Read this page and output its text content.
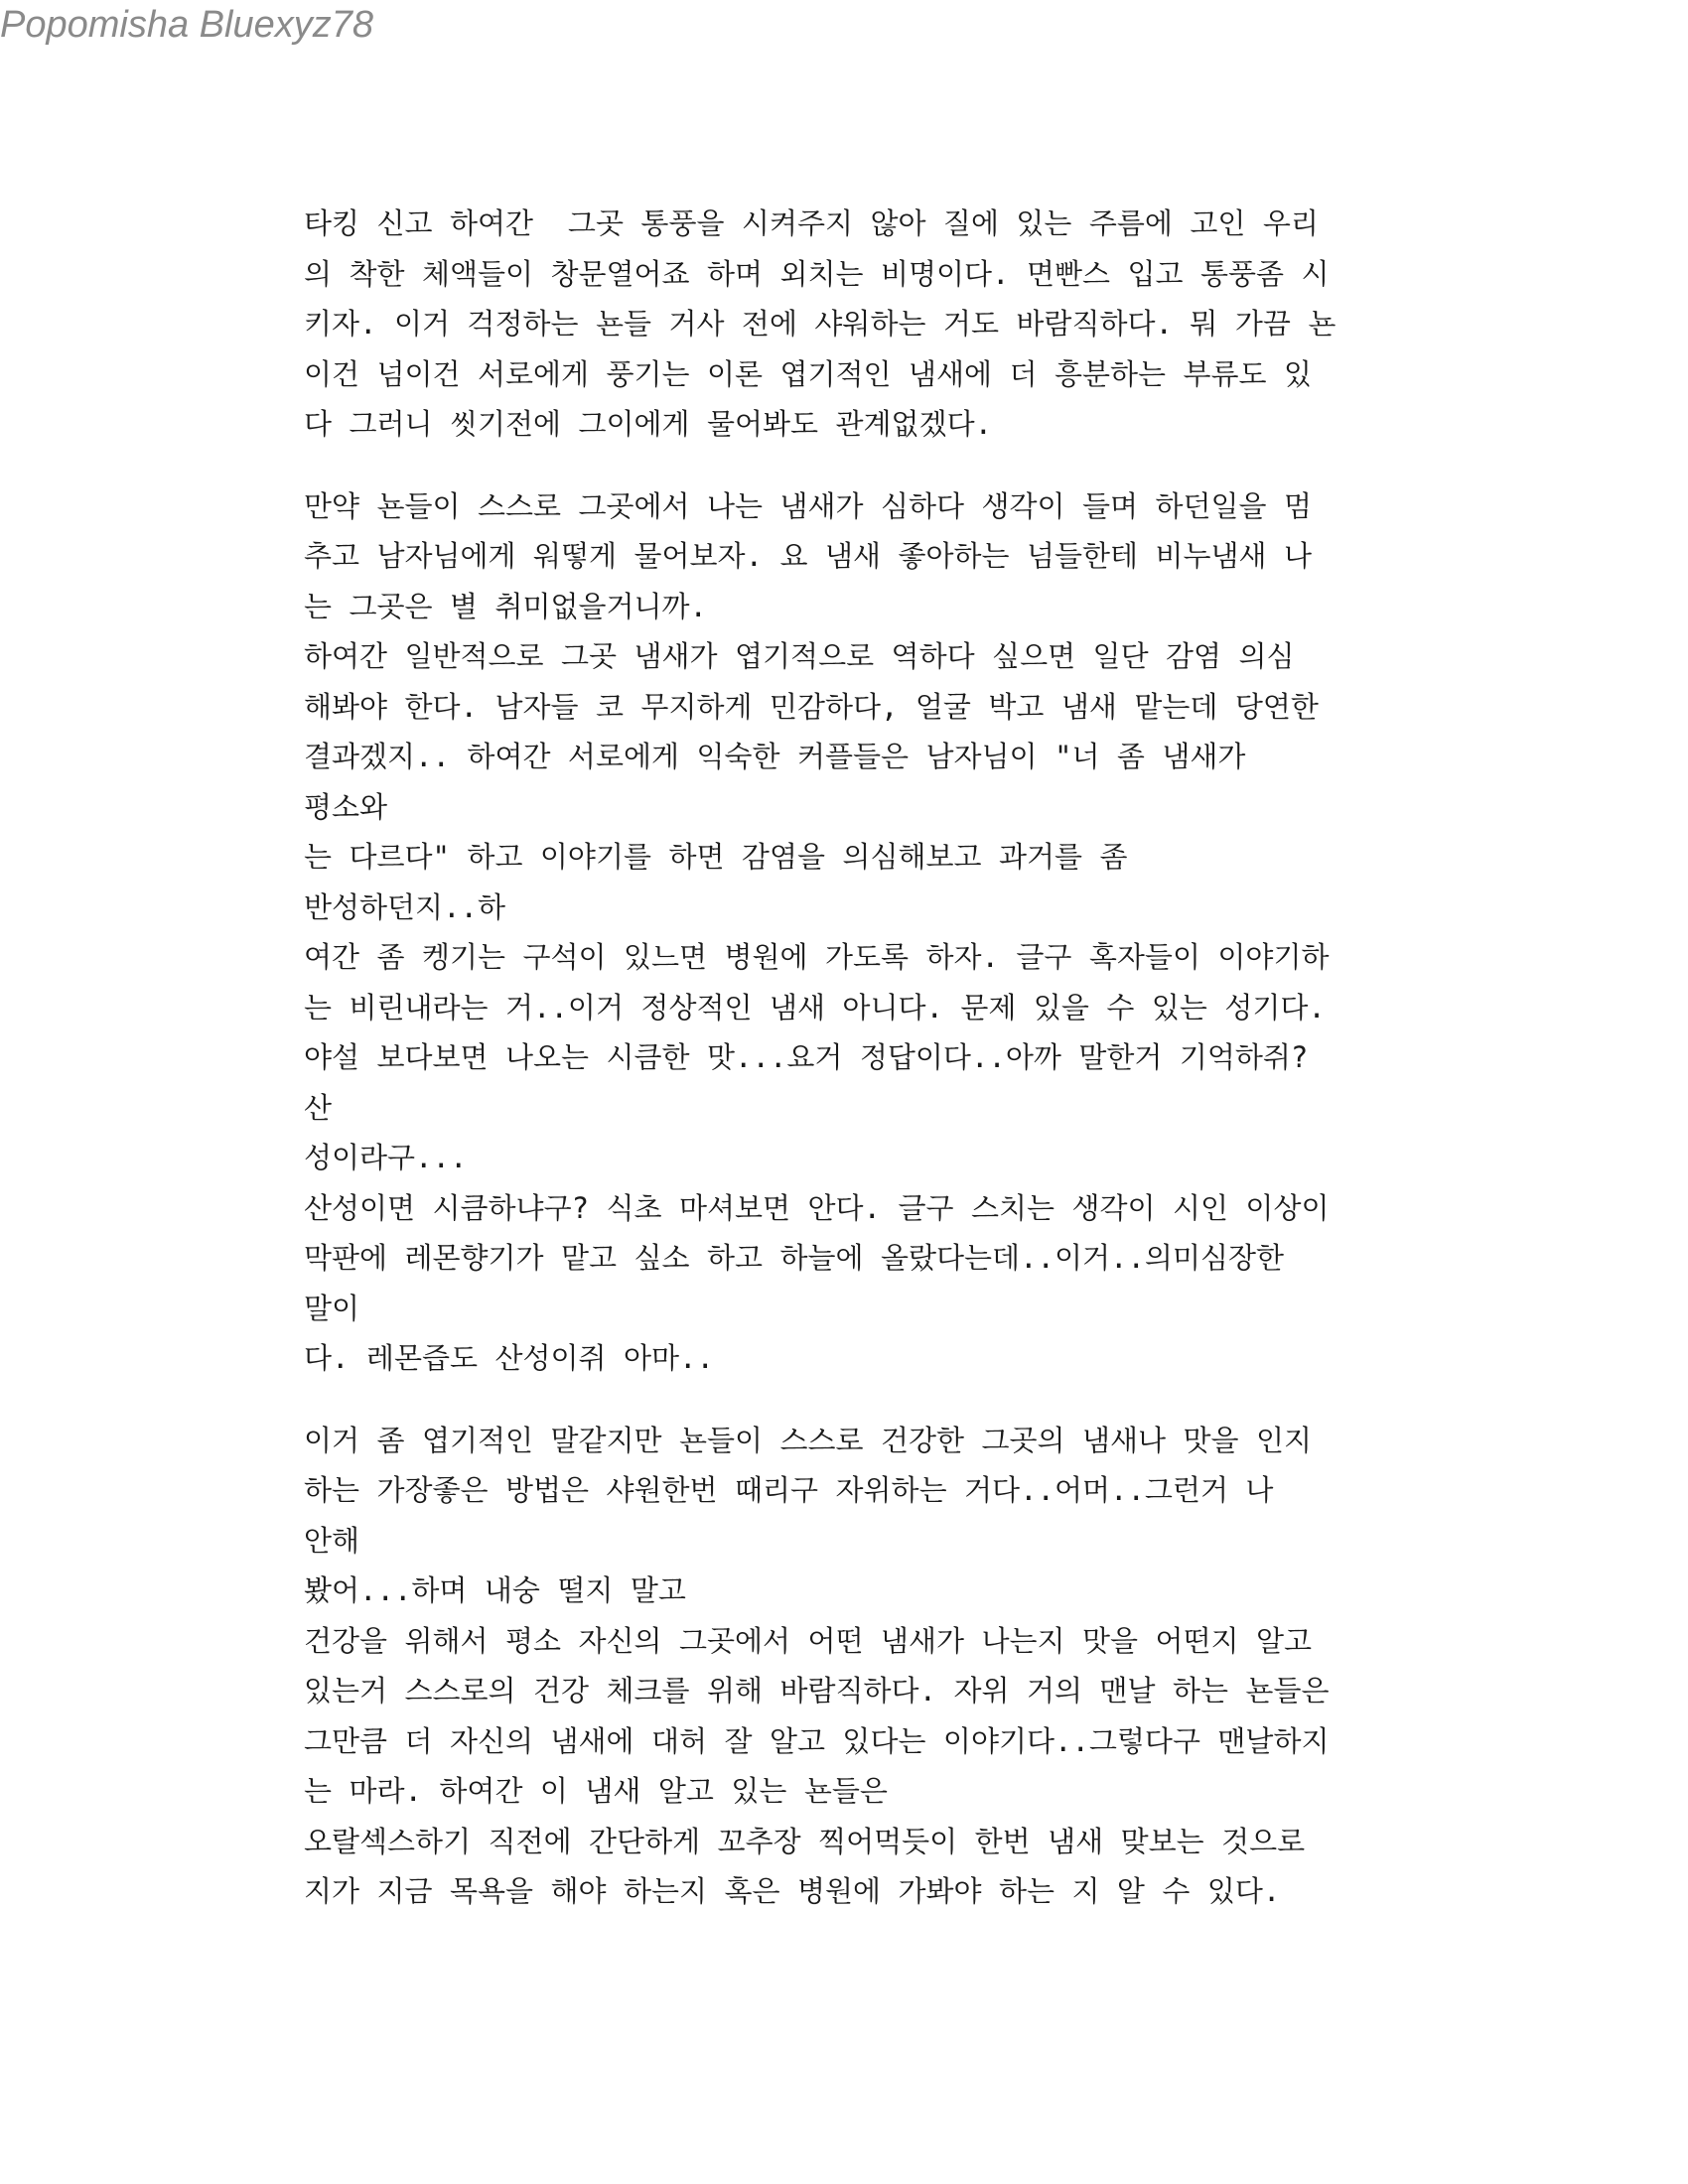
Popomisha Bluexyz78
타킹 신고 하여간  그곳 통풍을 시켜주지 않아 질에 있는 주름에 고인 우리
의 착한 체액들이 창문열어죠 하며 외치는 비명이다. 면빤스 입고 통풍좀 시
키자. 이거 걱정하는 뇬들 거사 전에 샤워하는 거도 바람직하다. 뭐 가끔 뇬
이건 넘이건 서로에게 풍기는 이론 엽기적인 냄새에 더 흥분하는 부류도 있
다 그러니 씻기전에 그이에게 물어봐도 관계없겠다.
만약 뇬들이 스스로 그곳에서 나는 냄새가 심하다 생각이 들며 하던일을 멈
추고 남자님에게 워떻게 물어보자. 요 냄새 좋아하는 넘들한테 비누냄새 나
는 그곳은 별 취미없을거니까.
하여간 일반적으로 그곳 냄새가 엽기적으로 역하다 싶으면 일단 감염 의심
해봐야 한다. 남자들 코 무지하게 민감하다, 얼굴 박고 냄새 맡는데 당연한
결과겠지.. 하여간 서로에게 익숙한 커플들은 남자님이 "너 좀 냄새가
평소와
는 다르다" 하고 이야기를 하면 감염을 의심해보고 과거를 좀
반성하던지..하
여간 좀 켕기는 구석이 있느면 병원에 가도록 하자. 글구 혹자들이 이야기하
는 비린내라는 거..이거 정상적인 냄새 아니다. 문제 있을 수 있는 성기다.
야설 보다보면 나오는 시큼한 맛...요거 정답이다..아까 말한거 기억하쥐?
산
성이라구...
산성이면 시큼하냐구? 식초 마셔보면 안다. 글구 스치는 생각이 시인 이상이
막판에 레몬향기가 맡고 싶소 하고 하늘에 올랐다는데..이거..의미심장한
말이
다. 레몬즙도 산성이쥐 아마..
이거 좀 엽기적인 말같지만 뇬들이 스스로 건강한 그곳의 냄새나 맛을 인지
하는 가장좋은 방법은 샤원한번 때리구 자위하는 거다..어머..그런거 나
안해
봤어...하며 내숭 떨지 말고
건강을 위해서 평소 자신의 그곳에서 어떤 냄새가 나는지 맛을 어떤지 알고
있는거 스스로의 건강 체크를 위해 바람직하다. 자위 거의 맨날 하는 뇬들은
그만큼 더 자신의 냄새에 대허 잘 알고 있다는 이야기다..그렇다구 맨날하지
는 마라. 하여간 이 냄새 알고 있는 뇬들은
오랄섹스하기 직전에 간단하게 꼬추장 찍어먹듯이 한번 냄새 맞보는 것으로
지가 지금 목욕을 해야 하는지 혹은 병원에 가봐야 하는 지 알 수 있다.
